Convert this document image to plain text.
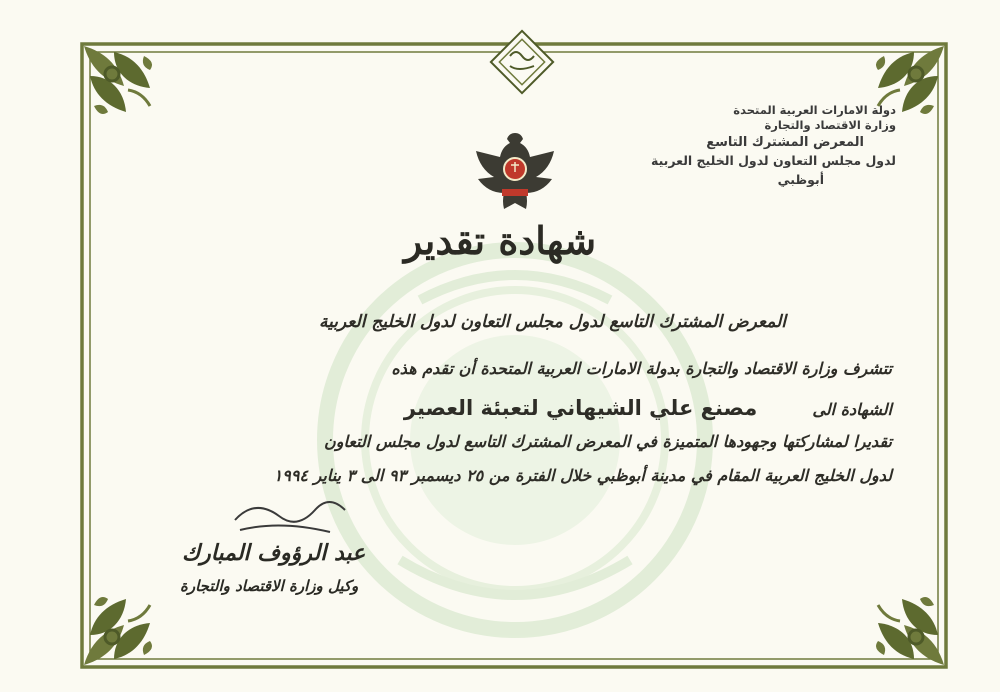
دولة الامارات العربية المتحدة
وزارة الاقتصاد والتجارة
المعرض المشترك التاسع
لدول مجلس التعاون لدول الخليج العربية
أبوظبي
شهادة تقدير
المعرض المشترك التاسع لدول مجلس التعاون لدول الخليج العربية
تتشرف وزارة الاقتصاد والتجارة بدولة الامارات العربية المتحدة أن تقدم هذه
الشهادة الى  مصنع علي الشيهاني لتعبئة العصير
تقديرا لمشاركتها وجهودها المتميزة في المعرض المشترك التاسع لدول مجلس التعاون
لدول الخليج العربية المقام في مدينة أبوظبي خلال الفترة من ٢٥ ديسمبر ٩٣ الى ٣ يناير ١٩٩٤
عبد الرؤوف المبارك
وكيل وزارة الاقتصاد والتجارة
